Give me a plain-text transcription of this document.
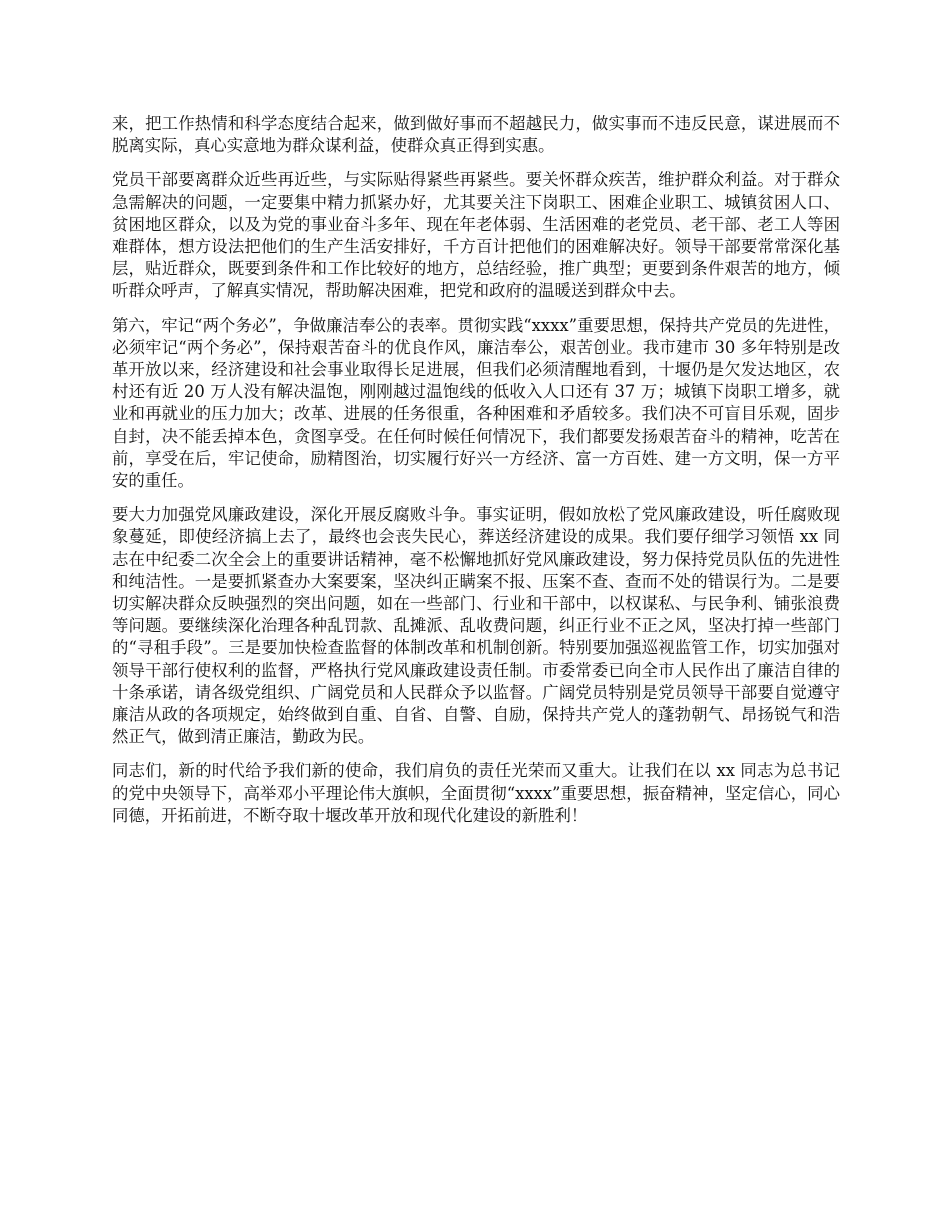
来，把工作热情和科学态度结合起来，做到做好事而不超越民力，做实事而不违反民意，谋进展而不脱离实际，真心实意地为群众谋利益，使群众真正得到实惠。

党员干部要离群众近些再近些，与实际贴得紧些再紧些。要关怀群众疾苦，维护群众利益。对于群众急需解决的问题，一定要集中精力抓紧办好，尤其要关注下岗职工、困难企业职工、城镇贫困人口、贫困地区群众，以及为党的事业奋斗多年、现在年老体弱、生活困难的老党员、老干部、老工人等困难群体，想方设法把他们的生产生活安排好，千方百计把他们的困难解决好。领导干部要常常深化基层，贴近群众，既要到条件和工作比较好的地方，总结经验，推广典型；更要到条件艰苦的地方，倾听群众呼声，了解真实情况，帮助解决困难，把党和政府的温暖送到群众中去。

第六，牢记“两个务必”，争做廉洁奉公的表率。贯彻实践“xxxx”重要思想，保持共产党员的先进性，必须牢记“两个务必”，保持艰苦奋斗的优良作风，廉洁奉公，艰苦创业。我市建市 30 多年特别是改革开放以来，经济建设和社会事业取得长足进展，但我们必须清醒地看到，十堰仍是欠发达地区，农村还有近 20 万人没有解决温饱，刚刚越过温饱线的低收入人口还有 37 万；城镇下岗职工增多，就业和再就业的压力加大；改革、进展的任务很重，各种困难和矛盾较多。我们决不可盲目乐观，固步自封，决不能丢掉本色，贪图享受。在任何时候任何情况下，我们都要发扬艰苦奋斗的精神，吃苦在前，享受在后，牢记使命，励精图治，切实履行好兴一方经济、富一方百姓、建一方文明，保一方平安的重任。

要大力加强党风廉政建设，深化开展反腐败斗争。事实证明，假如放松了党风廉政建设，听任腐败现象蔓延，即使经济搞上去了，最终也会丧失民心，葬送经济建设的成果。我们要仔细学习领悟 xx 同志在中纪委二次全会上的重要讲话精神，毫不松懈地抓好党风廉政建设，努力保持党员队伍的先进性和纯洁性。一是要抓紧查办大案要案，坚决纠正瞒案不报、压案不查、查而不处的错误行为。二是要切实解决群众反映强烈的突出问题，如在一些部门、行业和干部中，以权谋私、与民争利、铺张浪费等问题。要继续深化治理各种乱罚款、乱摊派、乱收费问题，纠正行业不正之风，坚决打掉一些部门的“寻租手段”。三是要加快检查监督的体制改革和机制创新。特别要加强巡视监管工作，切实加强对领导干部行使权利的监督，严格执行党风廉政建设责任制。市委常委已向全市人民作出了廉洁自律的十条承诺，请各级党组织、广阔党员和人民群众予以监督。广阔党员特别是党员领导干部要自觉遵守廉洁从政的各项规定，始终做到自重、自省、自警、自励，保持共产党人的蓬勃朝气、昂扬锐气和浩然正气，做到清正廉洁，勤政为民。

同志们，新的时代给予我们新的使命，我们肩负的责任光荣而又重大。让我们在以 xx 同志为总书记的党中央领导下，高举邓小平理论伟大旗帜，全面贯彻“xxxx”重要思想，振奋精神，坚定信心，同心同德，开拓前进，不断夺取十堰改革开放和现代化建设的新胜利！
